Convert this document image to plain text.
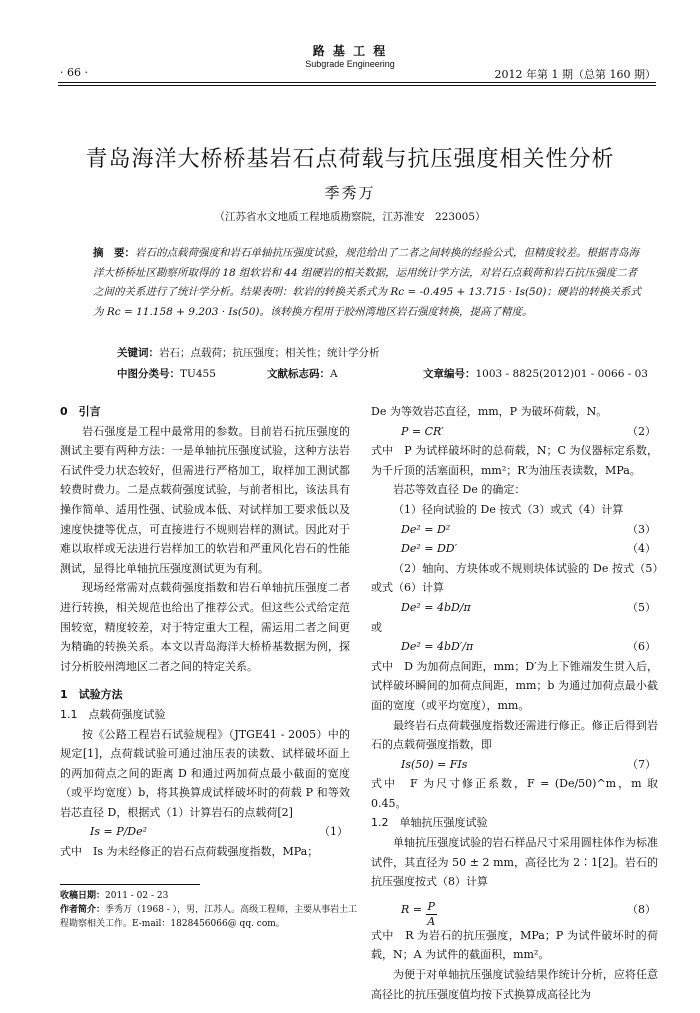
· 66 ·
路 基 工 程
Subgrade Engineering
2012 年第 1 期（总第 160 期）
青岛海洋大桥桥基岩石点荷载与抗压强度相关性分析
季秀万
（江苏省水文地质工程地质勘察院，江苏淮安　223005）
摘　要：岩石的点载荷强度和岩石单轴抗压强度试验，规范给出了二者之间转换的经验公式，但精度较差。根据青岛海洋大桥桥址区勘察所取得的 18 组软岩和 44 组硬岩的相关数据，运用统计学方法，对岩石点载荷和岩石抗压强度二者之间的关系进行了统计学分析。结果表明：软岩的转换关系式为 Rc = -0.495 + 13.715 · Is(50)；硬岩的转换关系式为 Rc = 11.158 + 9.203 · Is(50)。该转换方程用于胶州湾地区岩石强度转换，提高了精度。
关键词：岩石；点载荷；抗压强度；相关性；统计学分析
中图分类号：TU455	文献标志码：A	文章编号：1003 - 8825(2012)01 - 0066 - 03

0　引言

岩石强度是工程中最常用的参数。目前岩石抗压强度的测试主要有两种方法：一是单轴抗压强度试验，这种方法岩石试件受力状态较好，但需进行严格加工，取样加工测试都较费时费力。二是点载荷强度试验，与前者相比，该法具有操作简单、适用性强、试验成本低、对试样加工要求低以及速度快捷等优点，可直接进行不规则岩样的测试。因此对于难以取样或无法进行岩样加工的软岩和严重风化岩石的性能测试，显得比单轴抗压强度测试更为有利。

现场经常需对点载荷强度指数和岩石单轴抗压强度二者进行转换，相关规范也给出了推荐公式。但这些公式给定范围较宽，精度较差，对于特定重大工程，需运用二者之间更为精确的转换关系。本文以青岛海洋大桥桥基数据为例，探讨分析胶州湾地区二者之间的特定关系。

1　试验方法

1.1　点载荷强度试验

按《公路工程岩石试验规程》（JTGE41 - 2005）中的规定[1]，点荷载试验可通过油压表的读数、试样破坏面上的两加荷点之间的距离 D 和通过两加荷点最小截面的宽度（或平均宽度）b，将其换算成试样破坏时的荷载 P 和等效岩芯直径 D，根据式（1）计算岩石的点载荷[2]

Is = P/De²	（1）

式中　Is 为未经修正的岩石点荷载强度指数，MPa；

De 为等效岩芯直径，mm，P 为破坏荷载，N。

P = CR′	（2）

式中　P 为试样破坏时的总荷载，N；C 为仪器标定系数，为千斤顶的活塞面积，mm²；R′为油压表读数，MPa。

岩芯等效直径 De 的确定：

（1）径向试验的 De 按式（3）或式（4）计算

De² = D²	（3）
De² = DD′	（4）

（2）轴向、方块体或不规则块体试验的 De 按式（5）或式（6）计算

De² = 4bD/π	（5）

或

De² = 4bD′/π	（6）

式中　D 为加荷点间距，mm；D′为上下锥端发生贯入后，试样破坏瞬间的加荷点间距，mm；b 为通过加荷点最小截面的宽度（或平均宽度），mm。

最终岩石点荷载强度指数还需进行修正。修正后得到岩石的点载荷强度指数，即

Is(50) = FIs	（7）

式中　F 为尺寸修正系数，F = (De/50)^m，m 取 0.45。

1.2　单轴抗压强度试验

单轴抗压强度试验的岩石样品尺寸采用圆柱体作为标准试件，其直径为 50 ± 2 mm，高径比为 2∶1[2]。岩石的抗压强度按式（8）计算

$R = \frac{P}{A}$	（8）

式中　R 为岩石的抗压强度，MPa；P 为试件破坏时的荷载，N；A 为试件的截面积，mm²。

为便于对单轴抗压强度试验结果作统计分析，应将任意高径比的抗压强度值均按下式换算成高径比为

收稿日期：2011 - 02 - 23
作者简介：季秀万（1968 - ），男，江苏人。高级工程师，主要从事岩土工程勘察相关工作。E-mail：1828456066@ qq. com。
